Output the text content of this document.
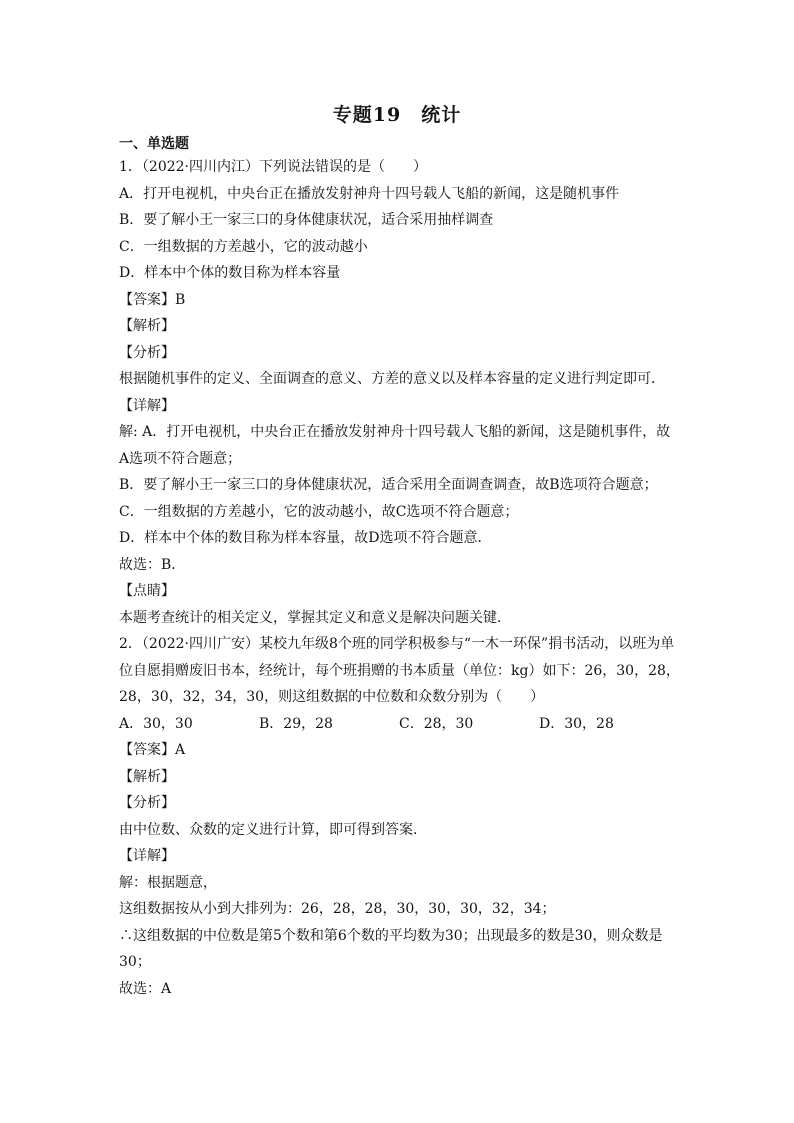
专题19　统计
一、单选题
1．（2022·四川内江）下列说法错误的是（　　）
A．打开电视机，中央台正在播放发射神舟十四号载人飞船的新闻，这是随机事件
B．要了解小王一家三口的身体健康状况，适合采用抽样调查
C．一组数据的方差越小，它的波动越小
D．样本中个体的数目称为样本容量
【答案】B
【解析】
【分析】
根据随机事件的定义、全面调查的意义、方差的意义以及样本容量的定义进行判定即可．
【详解】
解: A．打开电视机，中央台正在播放发射神舟十四号载人飞船的新闻，这是随机事件，故
A选项不符合题意；
B．要了解小王一家三口的身体健康状况，适合采用全面调查调查，故B选项符合题意；
C．一组数据的方差越小，它的波动越小，故C选项不符合题意；
D．样本中个体的数目称为样本容量，故D选项不符合题意．
故选：B．
【点睛】
本题考查统计的相关定义，掌握其定义和意义是解决问题关键．
2．（2022·四川广安）某校九年级8个班的同学积极参与“一木一环保”捐书活动，以班为单
位自愿捐赠废旧书本，经统计，每个班捐赠的书本质量（单位：kg）如下：26，30，28，
28，30，32，34，30，则这组数据的中位数和众数分别为（　　）
A．30，30	B．29，28	C．28，30	D．30，28
【答案】A
【解析】
【分析】
由中位数、众数的定义进行计算，即可得到答案．
【详解】
解：根据题意，
这组数据按从小到大排列为：26，28，28，30，30，30，32，34；
∴这组数据的中位数是第5个数和第6个数的平均数为30；出现最多的数是30，则众数是
30；
故选：A
